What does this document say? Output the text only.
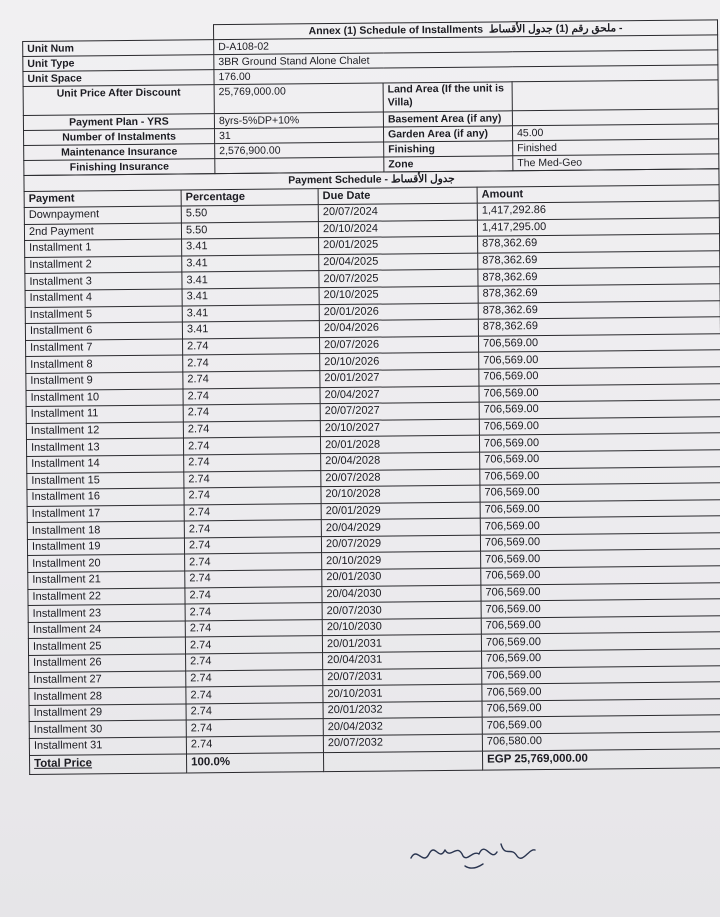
	Annex (1) Schedule of Installments - ملحق رقم (1) جدول الأقساط		
Unit Num	D-A108-02		
Unit Type	3BR Ground Stand Alone Chalet		
Unit Space	176.00		
Unit Price After Discount	25,769,000.00	Land Area (If the unit is Villa)	
Payment Plan - YRS	8yrs-5%DP+10%	Basement Area (if any)	
Number of Instalments	31	Garden Area (if any)	45.00
Maintenance Insurance	2,576,900.00	Finishing	Finished
Finishing Insurance		Zone	The Med-Geo
Payment Schedule - جدول الأقساط			
Payment	Percentage	Due Date	Amount
Downpayment	5.50	20/07/2024	1,417,292.86
2nd Payment	5.50	20/10/2024	1,417,295.00
Installment 1	3.41	20/01/2025	878,362.69
Installment 2	3.41	20/04/2025	878,362.69
Installment 3	3.41	20/07/2025	878,362.69
Installment 4	3.41	20/10/2025	878,362.69
Installment 5	3.41	20/01/2026	878,362.69
Installment 6	3.41	20/04/2026	878,362.69
Installment 7	2.74	20/07/2026	706,569.00
Installment 8	2.74	20/10/2026	706,569.00
Installment 9	2.74	20/01/2027	706,569.00
Installment 10	2.74	20/04/2027	706,569.00
Installment 11	2.74	20/07/2027	706,569.00
Installment 12	2.74	20/10/2027	706,569.00
Installment 13	2.74	20/01/2028	706,569.00
Installment 14	2.74	20/04/2028	706,569.00
Installment 15	2.74	20/07/2028	706,569.00
Installment 16	2.74	20/10/2028	706,569.00
Installment 17	2.74	20/01/2029	706,569.00
Installment 18	2.74	20/04/2029	706,569.00
Installment 19	2.74	20/07/2029	706,569.00
Installment 20	2.74	20/10/2029	706,569.00
Installment 21	2.74	20/01/2030	706,569.00
Installment 22	2.74	20/04/2030	706,569.00
Installment 23	2.74	20/07/2030	706,569.00
Installment 24	2.74	20/10/2030	706,569.00
Installment 25	2.74	20/01/2031	706,569.00
Installment 26	2.74	20/04/2031	706,569.00
Installment 27	2.74	20/07/2031	706,569.00
Installment 28	2.74	20/10/2031	706,569.00
Installment 29	2.74	20/01/2032	706,569.00
Installment 30	2.74	20/04/2032	706,569.00
Installment 31	2.74	20/07/2032	706,580.00
Total Price	100.0%		EGP 25,769,000.00
